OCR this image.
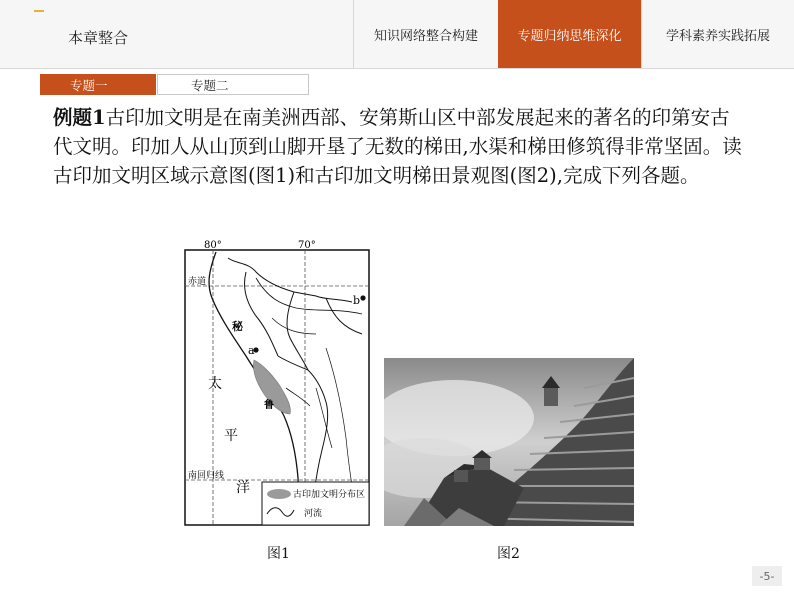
本章整合	知识网络整合构建	专题归纳思维深化	学科素养实践拓展
专题一	专题二
例题1古印加文明是在南美洲西部、安第斯山区中部发展起来的著名的印第安古代文明。印加人从山顶到山脚开垦了无数的梯田,水渠和梯田修筑得非常坚固。读古印加文明区域示意图(图1)和古印加文明梯田景观图(图2),完成下列各题。
80°	70°
赤道
南回归线
a
b
秘
鲁
太
平
洋	古印加文明分布区
河流
图1	图2
-5-
